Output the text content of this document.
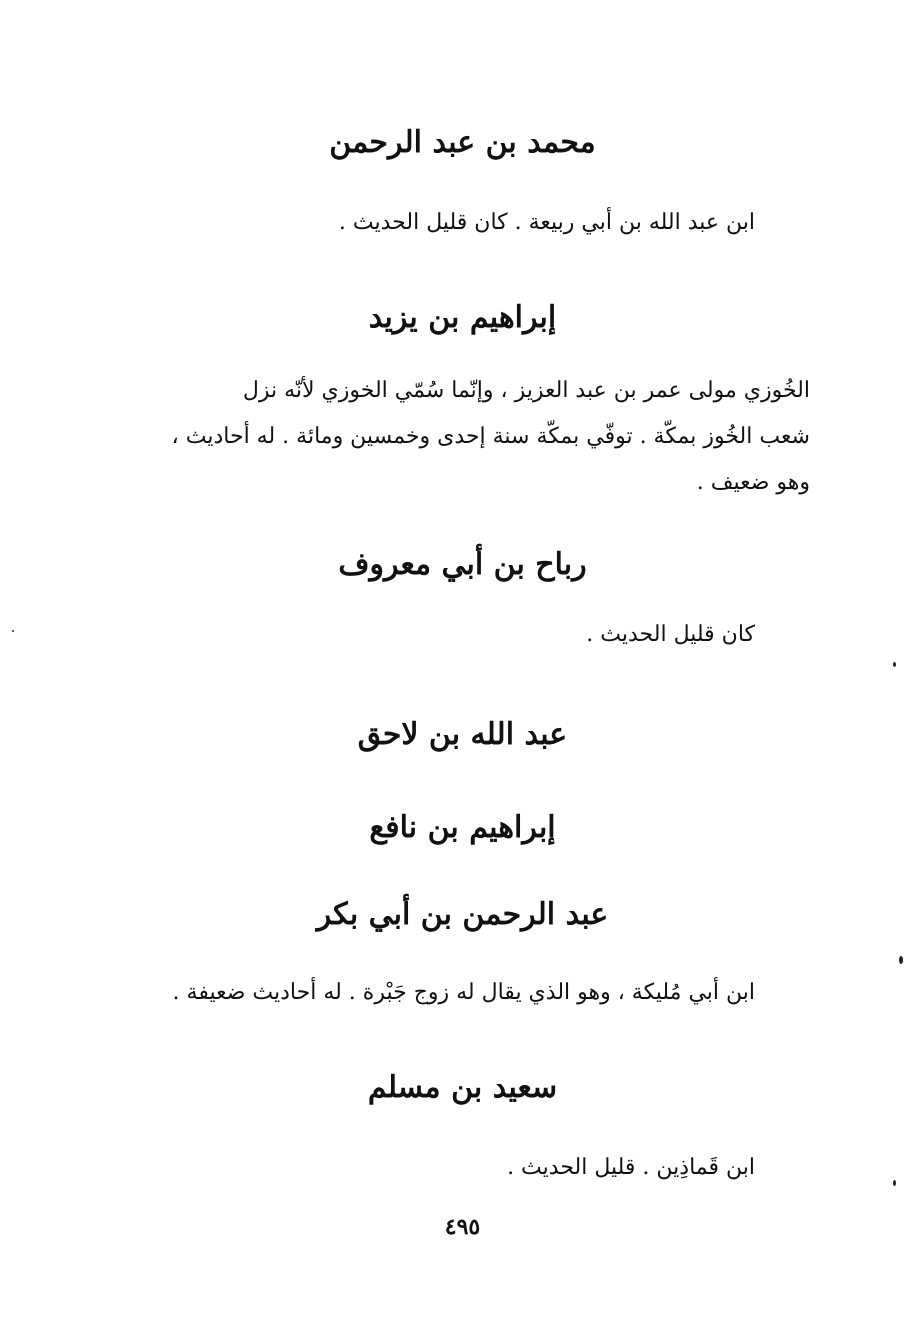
محمد بن عبد الرحمن
ابن عبد الله بن أبي ربيعة . كان قليل الحديث .
إبراهيم بن يزيد
الخُوزي مولى عمر بن عبد العزيز ، وإنّما سُمّي الخوزي لأنّه نزل
شعب الخُوز بمكّة . توفّي بمكّة سنة إحدى وخمسين ومائة . له أحاديث ،
وهو ضعيف .
رباح بن أبي معروف
كان قليل الحديث .
عبد الله بن لاحق
إبراهيم بن نافع
عبد الرحمن بن أبي بكر
ابن أبي مُليكة ، وهو الذي يقال له زوج جَبْرة . له أحاديث ضعيفة .
سعيد بن مسلم
ابن قَماذِين . قليل الحديث .
٤٩٥
